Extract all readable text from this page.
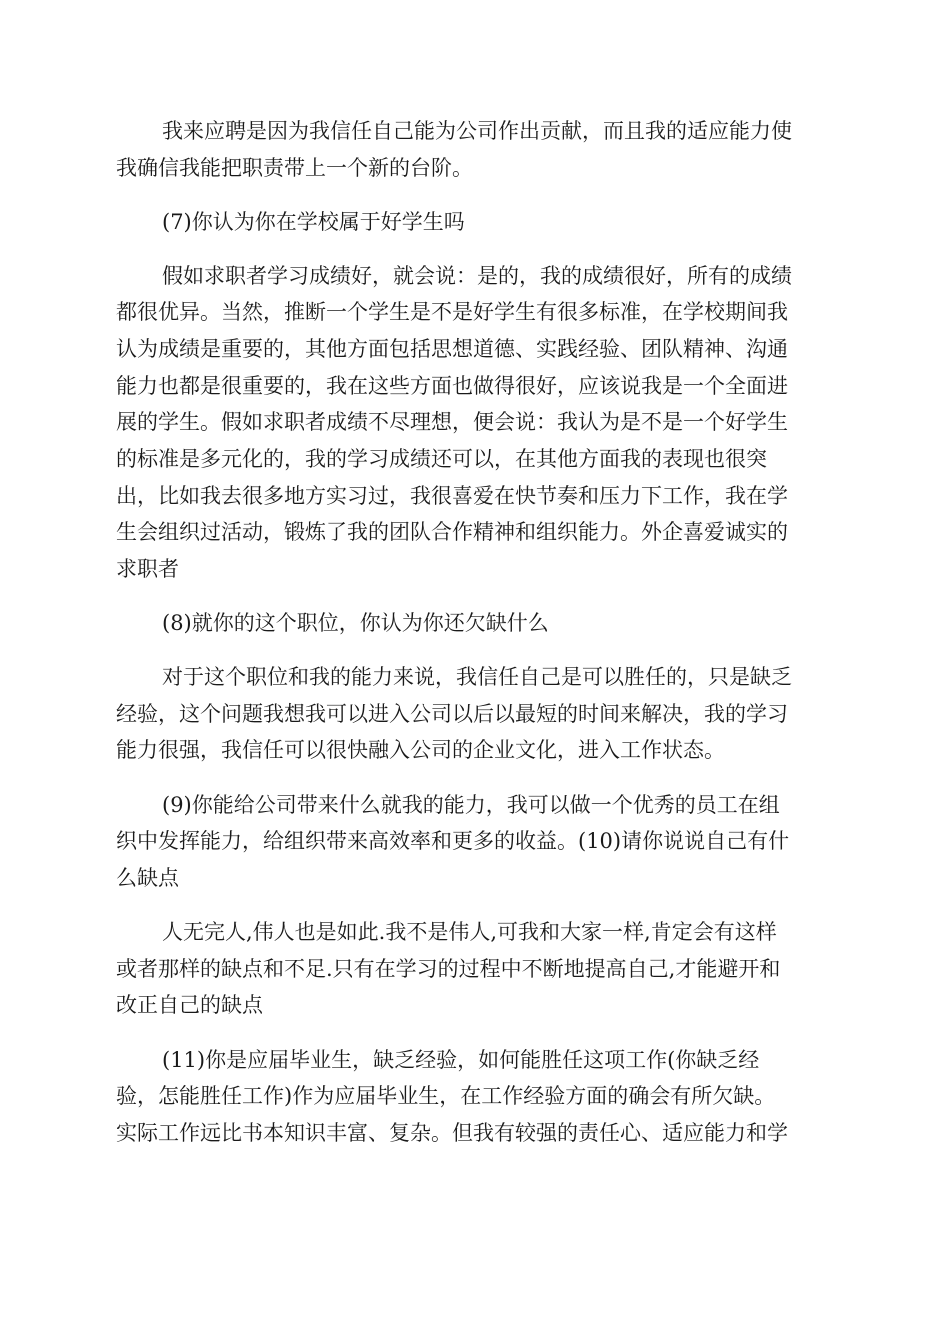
我来应聘是因为我信任自己能为公司作出贡献，而且我的适应能力使

我确信我能把职责带上一个新的台阶。

(7)你认为你在学校属于好学生吗

假如求职者学习成绩好，就会说：是的，我的成绩很好，所有的成绩

都很优异。当然，推断一个学生是不是好学生有很多标准，在学校期间我

认为成绩是重要的，其他方面包括思想道德、实践经验、团队精神、沟通

能力也都是很重要的，我在这些方面也做得很好，应该说我是一个全面进

展的学生。假如求职者成绩不尽理想，便会说：我认为是不是一个好学生

的标准是多元化的，我的学习成绩还可以，在其他方面我的表现也很突

出，比如我去很多地方实习过，我很喜爱在快节奏和压力下工作，我在学

生会组织过活动，锻炼了我的团队合作精神和组织能力。外企喜爱诚实的

求职者

(8)就你的这个职位，你认为你还欠缺什么

对于这个职位和我的能力来说，我信任自己是可以胜任的，只是缺乏

经验，这个问题我想我可以进入公司以后以最短的时间来解决，我的学习

能力很强，我信任可以很快融入公司的企业文化，进入工作状态。

(9)你能给公司带来什么就我的能力，我可以做一个优秀的员工在组

织中发挥能力，给组织带来高效率和更多的收益。(10)请你说说自己有什

么缺点

人无完人,伟人也是如此.我不是伟人,可我和大家一样,肯定会有这样

或者那样的缺点和不足.只有在学习的过程中不断地提高自己,才能避开和

改正自己的缺点

(11)你是应届毕业生，缺乏经验，如何能胜任这项工作(你缺乏经

验，怎能胜任工作)作为应届毕业生，在工作经验方面的确会有所欠缺。

实际工作远比书本知识丰富、复杂。但我有较强的责任心、适应能力和学
